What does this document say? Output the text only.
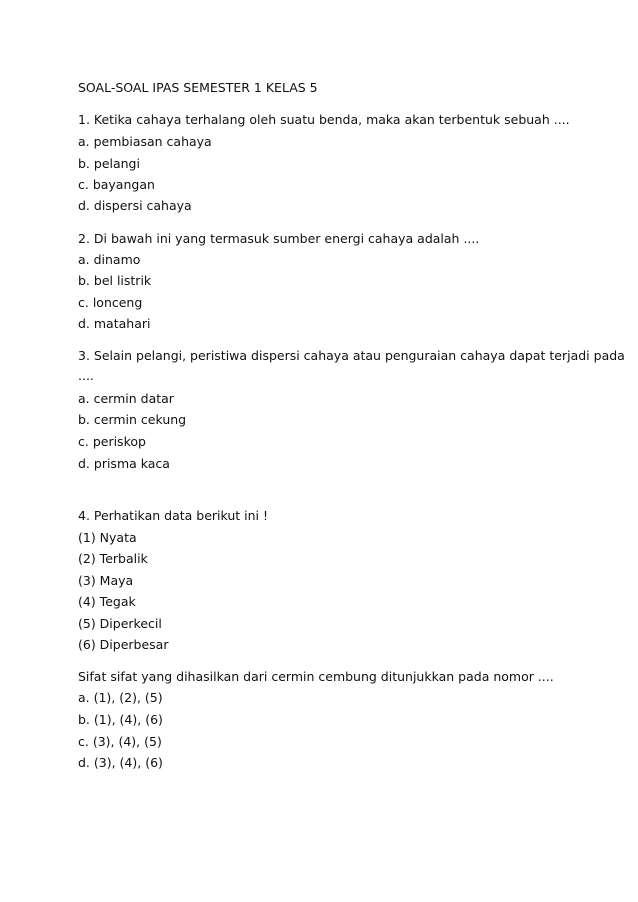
SOAL-SOAL IPAS SEMESTER 1 KELAS 5
1. Ketika cahaya terhalang oleh suatu benda, maka akan terbentuk sebuah ....
a. pembiasan cahaya
b. pelangi
c. bayangan
d. dispersi cahaya
2. Di bawah ini yang termasuk sumber energi cahaya adalah ....
a. dinamo
b. bel listrik
c. lonceng
d. matahari
3. Selain pelangi, peristiwa dispersi cahaya atau penguraian cahaya dapat terjadi pada
....
a. cermin datar
b. cermin cekung
c. periskop
d. prisma kaca
4. Perhatikan data berikut ini !
(1) Nyata
(2) Terbalik
(3) Maya
(4) Tegak
(5) Diperkecil
(6) Diperbesar
Sifat sifat yang dihasilkan dari cermin cembung ditunjukkan pada nomor ....
a. (1), (2), (5)
b. (1), (4), (6)
c. (3), (4), (5)
d. (3), (4), (6)
